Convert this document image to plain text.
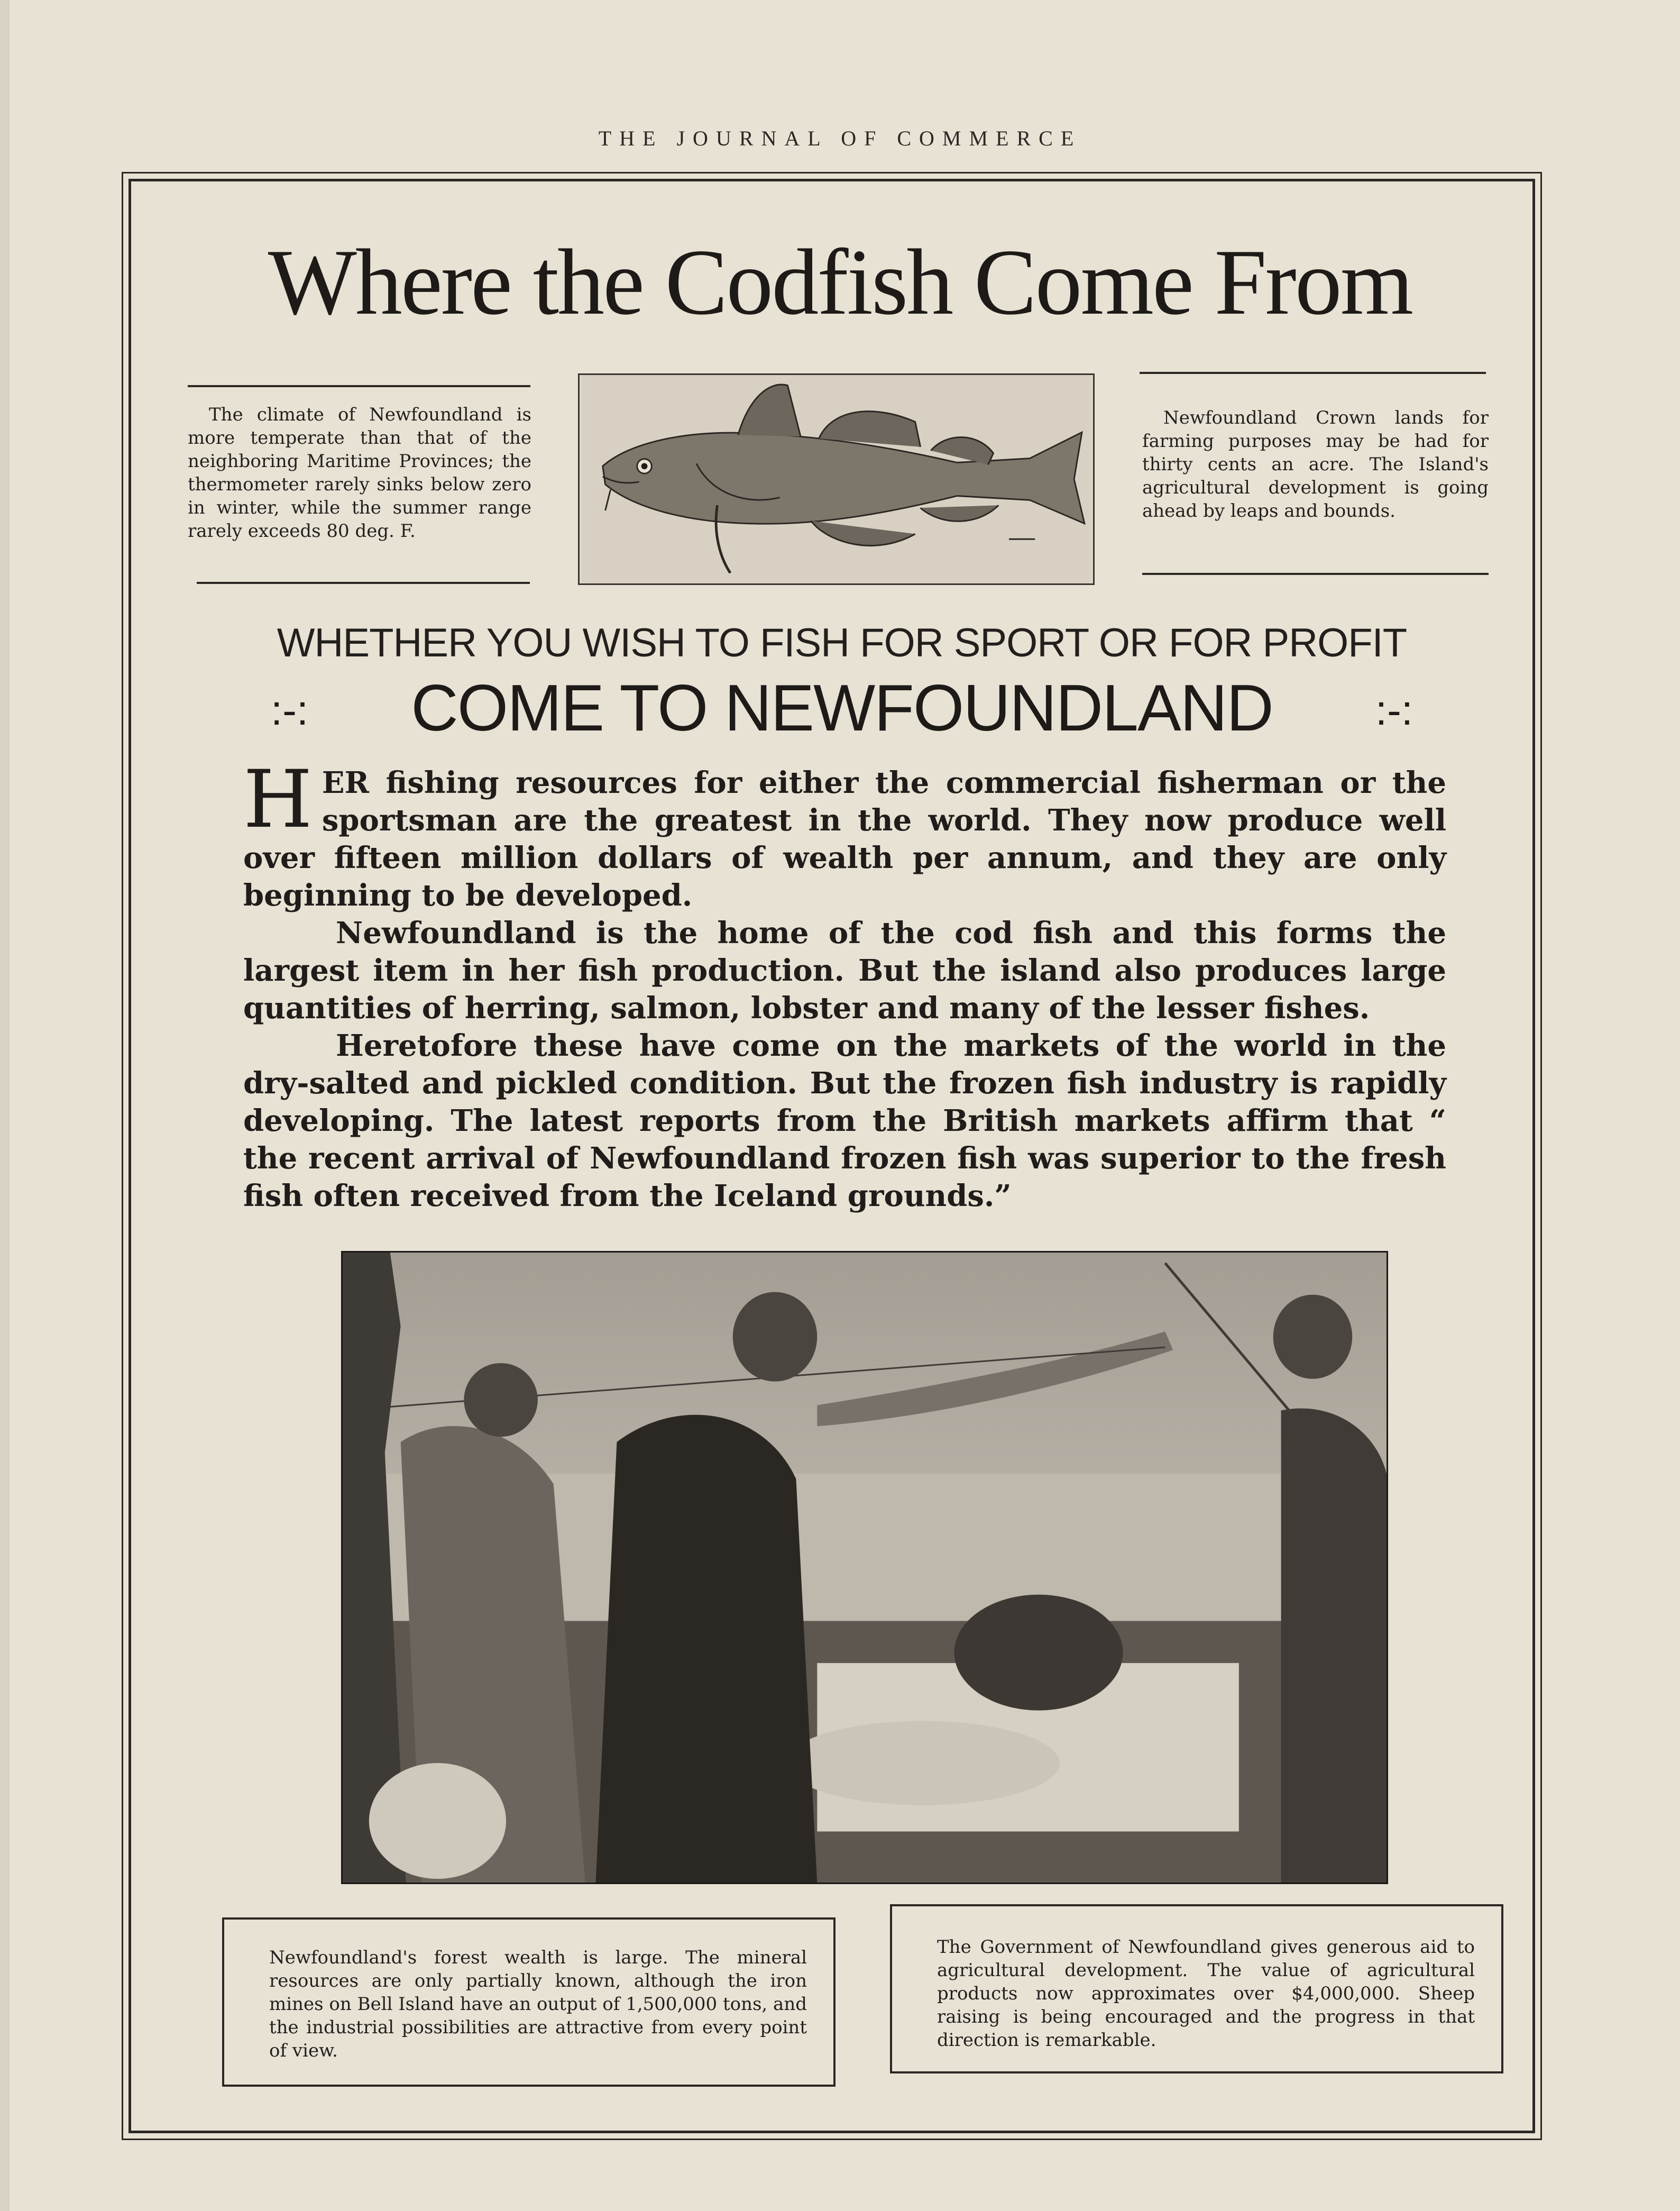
THE JOURNAL OF COMMERCE
Where the Codfish Come From
The climate of Newfoundland is more temperate than that of the neighboring Maritime Provinces; the thermometer rarely sinks below zero in winter, while the summer range rarely exceeds 80 deg. F.
Newfoundland Crown lands for farming purposes may be had for thirty cents an acre. The Island's agricultural development is going ahead by leaps and bounds.
WHETHER YOU WISH TO FISH FOR SPORT OR FOR PROFIT
:-:	COME TO NEWFOUNDLAND	:-:

HER fishing resources for either the commercial fisherman or the sportsman are the greatest in the world. They now produce well over fifteen million dollars of wealth per annum, and they are only beginning to be developed.

Newfoundland is the home of the cod fish and this forms the largest item in her fish production. But the island also produces large quantities of herring, salmon, lobster and many of the lesser fishes.

Heretofore these have come on the markets of the world in the dry-salted and pickled condition. But the frozen fish industry is rapidly developing. The latest reports from the British markets affirm that “ the recent arrival of Newfoundland frozen fish was superior to the fresh fish often received from the Iceland grounds.”

Newfoundland's forest wealth is large. The mineral resources are only partially known, although the iron mines on Bell Island have an output of 1,500,000 tons, and the industrial possibilities are attractive from every point of view.
The Government of Newfoundland gives generous aid to agricultural development. The value of agricultural products now approximates over $4,000,000. Sheep raising is being encouraged and the progress in that direction is remarkable.
